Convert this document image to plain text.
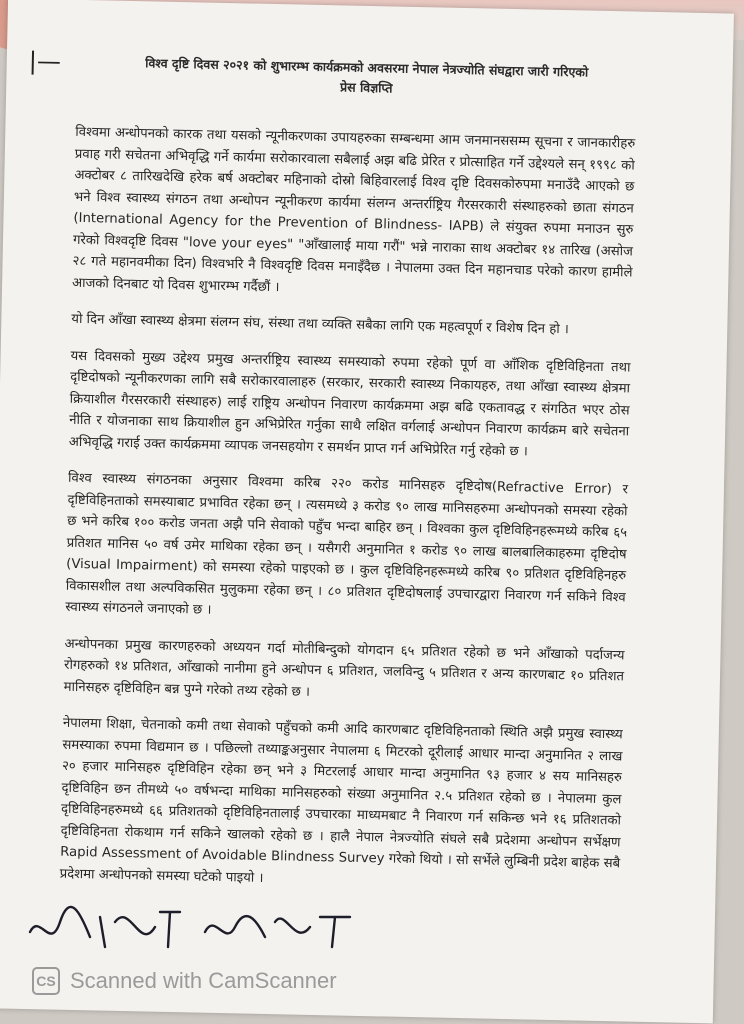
|—	विश्व दृष्टि दिवस २०२१ को शुभारम्भ कार्यक्रमको अवसरमा नेपाल नेत्रज्योति संघद्वारा जारी गरिएको
प्रेस विज्ञप्ति

विश्वमा अन्धोपनको कारक तथा यसको न्यूनीकरणका उपायहरुका सम्बन्धमा आम जनमानससम्म सूचना र जानकारीहरु प्रवाह गरी सचेतना अभिवृद्धि गर्ने कार्यमा सरोकारवाला सबैलाई अझ बढि प्रेरित र प्रोत्साहित गर्ने उद्देश्यले सन् १९९८ को अक्टोबर ८ तारिखदेखि हरेक बर्ष अक्टोबर महिनाको दोस्रो बिहिवारलाई विश्व दृष्टि दिवसकोरुपमा मनाउँदै आएको छ भने विश्व स्वास्थ्य संगठन तथा अन्धोपन न्यूनीकरण कार्यमा संलग्न अन्तर्राष्ट्रिय गैरसरकारी संस्थाहरुको छाता संगठन (International Agency for the Prevention of Blindness- IAPB) ले संयुक्त रुपमा मनाउन सुरु गरेको विश्वदृष्टि दिवस "love your eyes" "आँखालाई माया गरौं" भन्ने नाराका साथ अक्टोबर १४ तारिख (असोज २८ गते महानवमीका दिन) विश्वभरि नै विश्वदृष्टि दिवस मनाइँदैछ । नेपालमा उक्त दिन महानचाड परेको कारण हामीले आजको दिनबाट यो दिवस शुभारम्भ गर्दैछौं ।

यो दिन आँखा स्वास्थ्य क्षेत्रमा संलग्न संघ, संस्था तथा व्यक्ति सबैका लागि एक महत्वपूर्ण र विशेष दिन हो ।

यस दिवसको मुख्य उद्देश्य प्रमुख अन्तर्राष्ट्रिय स्वास्थ्य समस्याको रुपमा रहेको पूर्ण वा आँशिक दृष्टिविहिनता तथा दृष्टिदोषको न्यूनीकरणका लागि सबै सरोकारवालाहरु (सरकार, सरकारी स्वास्थ्य निकायहरु, तथा आँखा स्वास्थ्य क्षेत्रमा क्रियाशील गैरसरकारी संस्थाहरु) लाई राष्ट्रिय अन्धोपन निवारण कार्यक्रममा अझ बढि एकतावद्ध र संगठित भएर ठोस नीति र योजनाका साथ क्रियाशील हुन अभिप्रेरित गर्नुका साथै लक्षित वर्गलाई अन्धोपन निवारण कार्यक्रम बारे सचेतना अभिवृद्धि गराई उक्त कार्यक्रममा व्यापक जनसहयोग र समर्थन प्राप्त गर्न अभिप्रेरित गर्नु रहेको छ ।

विश्व स्वास्थ्य संगठनका अनुसार विश्वमा करिब २२० करोड मानिसहरु दृष्टिदोष(Refractive Error) र दृष्टिविहिनताको समस्याबाट प्रभावित रहेका छन् । त्यसमध्ये ३ करोड ९० लाख मानिसहरुमा अन्धोपनको समस्या रहेको छ भने करिब १०० करोड जनता अझै पनि सेवाको पहुँच भन्दा बाहिर छन् । विश्वका कुल दृष्टिविहिनहरूमध्ये करिब ६५ प्रतिशत मानिस ५० वर्ष उमेर माथिका रहेका छन् । यसैगरी अनुमानित १ करोड ९० लाख बालबालिकाहरुमा दृष्टिदोष (Visual Impairment) को समस्या रहेको पाइएको छ । कुल दृष्टिविहिनहरूमध्ये करिब ९० प्रतिशत दृष्टिविहिनहरु विकासशील तथा अल्पविकसित मुलुकमा रहेका छन् । ८० प्रतिशत दृष्टिदोषलाई उपचारद्वारा निवारण गर्न सकिने विश्व स्वास्थ्य संगठनले जनाएको छ ।

अन्धोपनका प्रमुख कारणहरुको अध्ययन गर्दा मोतीबिन्दुको योगदान ६५ प्रतिशत रहेको छ भने आँखाको पर्दाजन्य रोगहरुको १४ प्रतिशत, आँखाको नानीमा हुने अन्धोपन ६ प्रतिशत, जलविन्दु ५ प्रतिशत र अन्य कारणबाट १० प्रतिशत मानिसहरु दृष्टिविहिन बन्न पुग्ने गरेको तथ्य रहेको छ ।

नेपालमा शिक्षा, चेतनाको कमी तथा सेवाको पहुँचको कमी आदि कारणबाट दृष्टिविहिनताको स्थिति अझै प्रमुख स्वास्थ्य समस्याका रुपमा विद्यमान छ । पछिल्लो तथ्याङ्कअनुसार नेपालमा ६ मिटरको दूरीलाई आधार मान्दा अनुमानित २ लाख २० हजार मानिसहरु दृष्टिविहिन रहेका छन् भने ३ मिटरलाई आधार मान्दा अनुमानित ९३ हजार ४ सय मानिसहरु दृष्टिविहिन छन तीमध्ये ५० वर्षभन्दा माथिका मानिसहरुको संख्या अनुमानित २.५ प्रतिशत रहेको छ । नेपालमा कुल दृष्टिविहिनहरुमध्ये ६६ प्रतिशतको दृष्टिविहिनतालाई उपचारका माध्यमबाट नै निवारण गर्न सकिन्छ भने १६ प्रतिशतको दृष्टिविहिनता रोकथाम गर्न सकिने खालको रहेको छ । हालै नेपाल नेत्रज्योति संघले सबै प्रदेशमा अन्धोपन सर्भेक्षण Rapid Assessment of Avoidable Blindness Survey गरेको थियो । सो सर्भेले लुम्बिनी प्रदेश बाहेक सबै प्रदेशमा अन्धोपनको समस्या घटेको पाइयो ।

CS Scanned with CamScanner
